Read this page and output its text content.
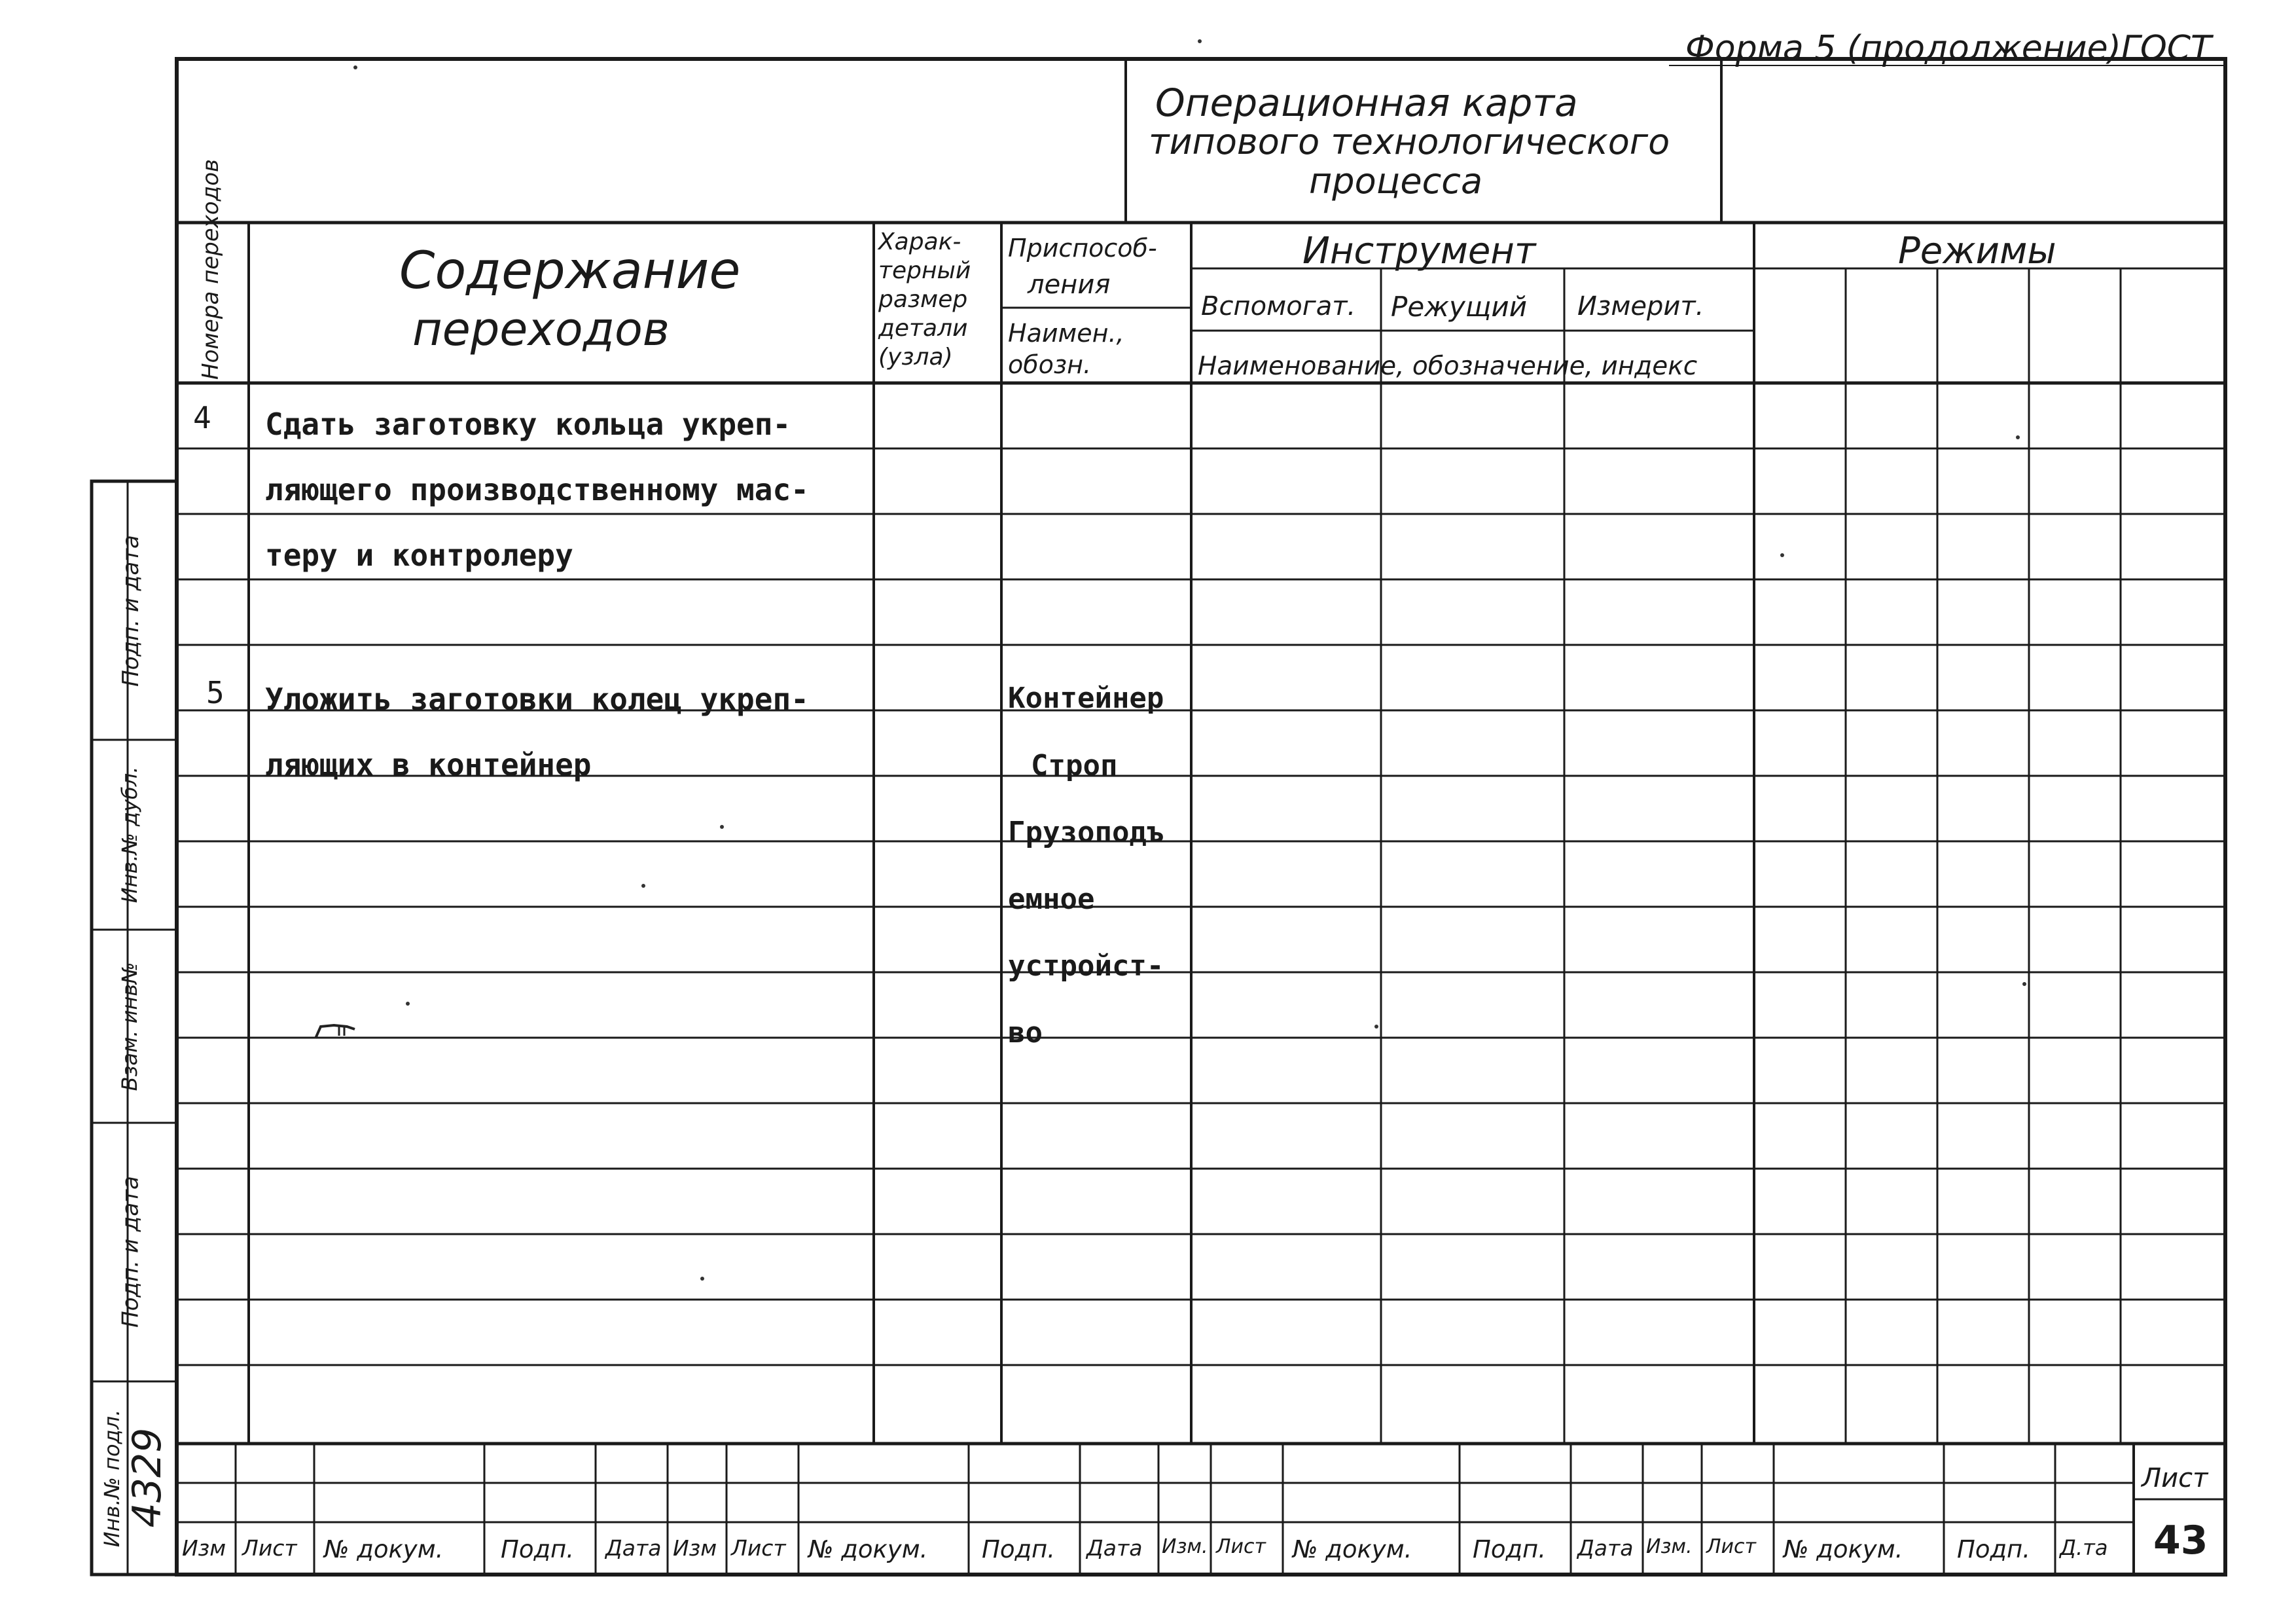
Форма 5 (продолжение)ГОСТ
Операционная карта
типового технологического
процесса
Номера переходов	Содержание
переходов
Харак-
терный
размер
детали
(узла)
Приспособ-
ления
Наимен.,
обозн.
Инструмент
Вспомогат. Режущий Измерит.
Наименование, обозначение, индекс
Режимы
4
5
Сдать заготовку кольца укреп-
ляющего производственному мас-
теру и контролеру
Уложить заготовки колец укреп-
ляющих в контейнер
Контейнер
Строп
Грузоподъ
емное
устройст-
во
Подп. и дата
Инв.№ дубл.
Взам. инв№
Подп. и дата
Инв.№ подл. 4329
Изм Лист № докум. Подп. Дата Изм Лист № докум. Подп. Дата Изм. Лист № докум.	Подп. Дата Изм. Лист № докум. Подп. Д.та
Лист
43
